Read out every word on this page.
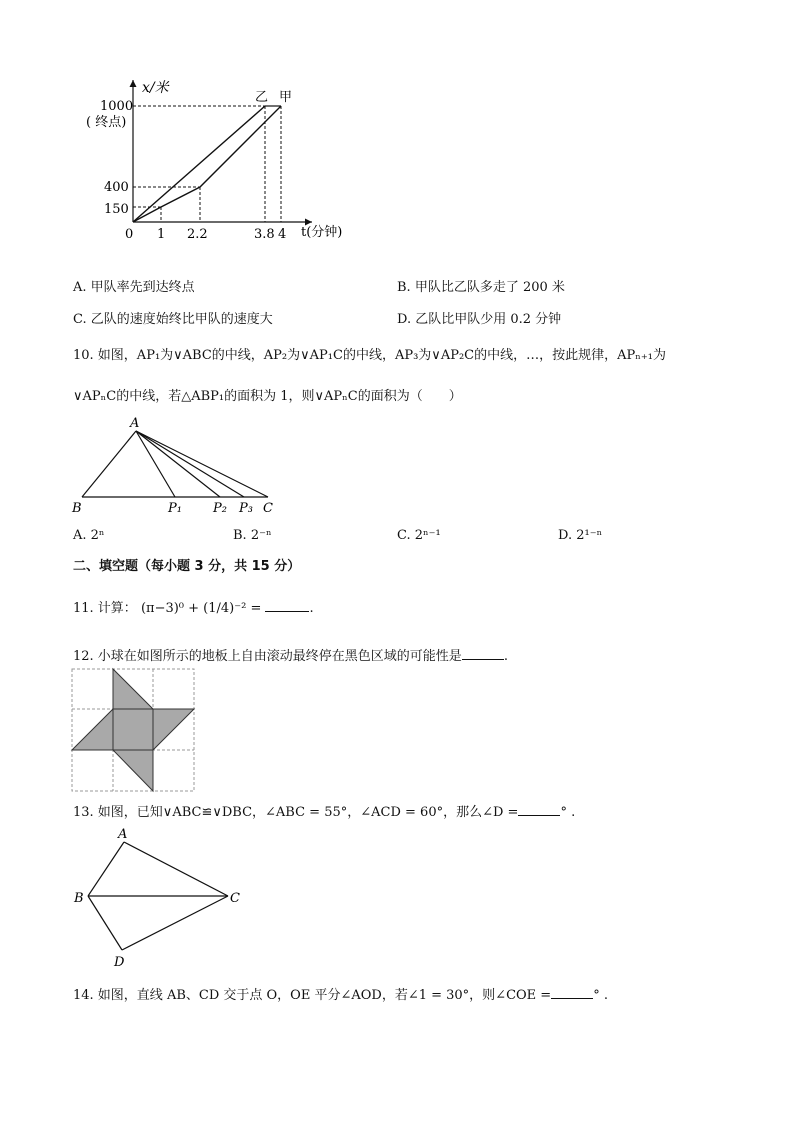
x/米
1000
( 终点)
400
150
0 1 2.2	3.8 4 t(分钟)
乙 甲
A. 甲队率先到达终点	B. 甲队比乙队多走了 200 米
C. 乙队的速度始终比甲队的速度大	D. 乙队比甲队少用 0.2 分钟
10. 如图，AP₁为∨ABC的中线，AP₂为∨AP₁C的中线，AP₃为∨AP₂C的中线，…，按此规律，APₙ₊₁为
∨APₙC的中线，若△ABP₁的面积为 1，则∨APₙC的面积为（　　）
A
B	P₁ P₂ P₃ C
A. 2ⁿ	B. 2⁻ⁿ	C. 2ⁿ⁻¹	D. 2¹⁻ⁿ
二、填空题（每小题 3 分，共 15 分）
11. 计算： (π−3)⁰ + (1/4)⁻² =	.
12. 小球在如图所示的地板上自由滚动最终停在黑色区域的可能性是	.
13. 如图，已知∨ABC≌∨DBC，∠ABC = 55°，∠ACD = 60°，那么∠D =	° .
A
B	C
D
14. 如图，直线 AB、CD 交于点 O，OE 平分∠AOD，若∠1 = 30°，则∠COE =	° .
